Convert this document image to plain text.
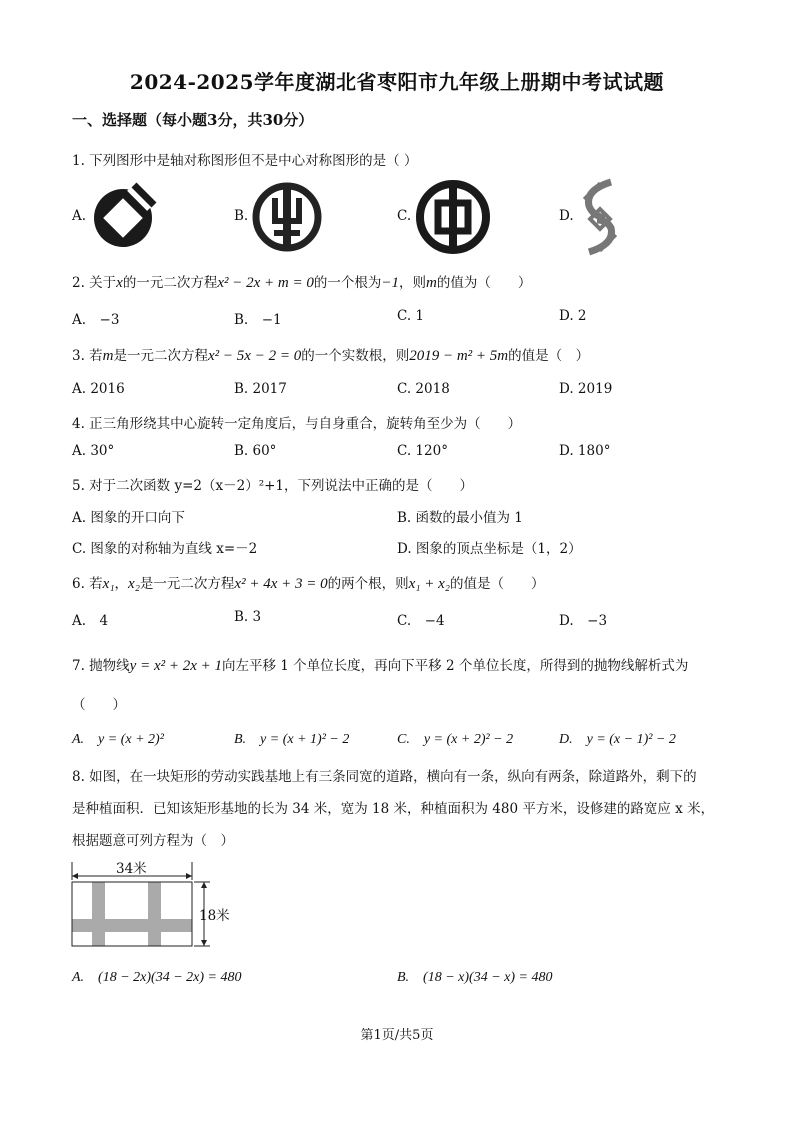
2024-2025学年度湖北省枣阳市九年级上册期中考试试题
一、选择题（每小题3分，共30分）
1. 下列图形中是轴对称图形但不是中心对称图形的是（ ）
A.	B.	C.	D.
2. 关于x的一元二次方程x² − 2x + m = 0的一个根为−1，则m的值为（　　）
A.　−3	B.　−1	C. 1	D. 2
3. 若m是一元二次方程x² − 5x − 2 = 0的一个实数根，则2019 − m² + 5m的值是（　）
A. 2016	B. 2017	C. 2018	D. 2019
4. 正三角形绕其中心旋转一定角度后，与自身重合，旋转角至少为（　　）
A. 30°	B. 60°	C. 120°	D. 180°
5. 对于二次函数 y=2（x－2）²+1，下列说法中正确的是（　　）
A. 图象的开口向下	B. 函数的最小值为 1
C. 图象的对称轴为直线 x=－2	D. 图象的顶点坐标是（1，2）
6. 若x₁，x₂是一元二次方程x² + 4x + 3 = 0的两个根，则x₁ + x₂的值是（　　）
A.　4	B. 3	C.　−4	D.　−3
7. 抛物线y = x² + 2x + 1向左平移 1 个单位长度，再向下平移 2 个单位长度，所得到的抛物线解析式为
（　　）
A.　y = (x + 2)²	B.　y = (x + 1)² − 2	C.　y = (x + 2)² − 2	D.　y = (x − 1)² − 2
8. 如图，在一块矩形的劳动实践基地上有三条同宽的道路，横向有一条，纵向有两条，除道路外，剩下的
是种植面积．已知该矩形基地的长为 34 米，宽为 18 米，种植面积为 480 平方米，设修建的路宽应 x 米，
根据题意可列方程为（　）
34米
18米
A.　(18 − 2x)(34 − 2x) = 480	B.　(18 − x)(34 − x) = 480
第1页/共5页
